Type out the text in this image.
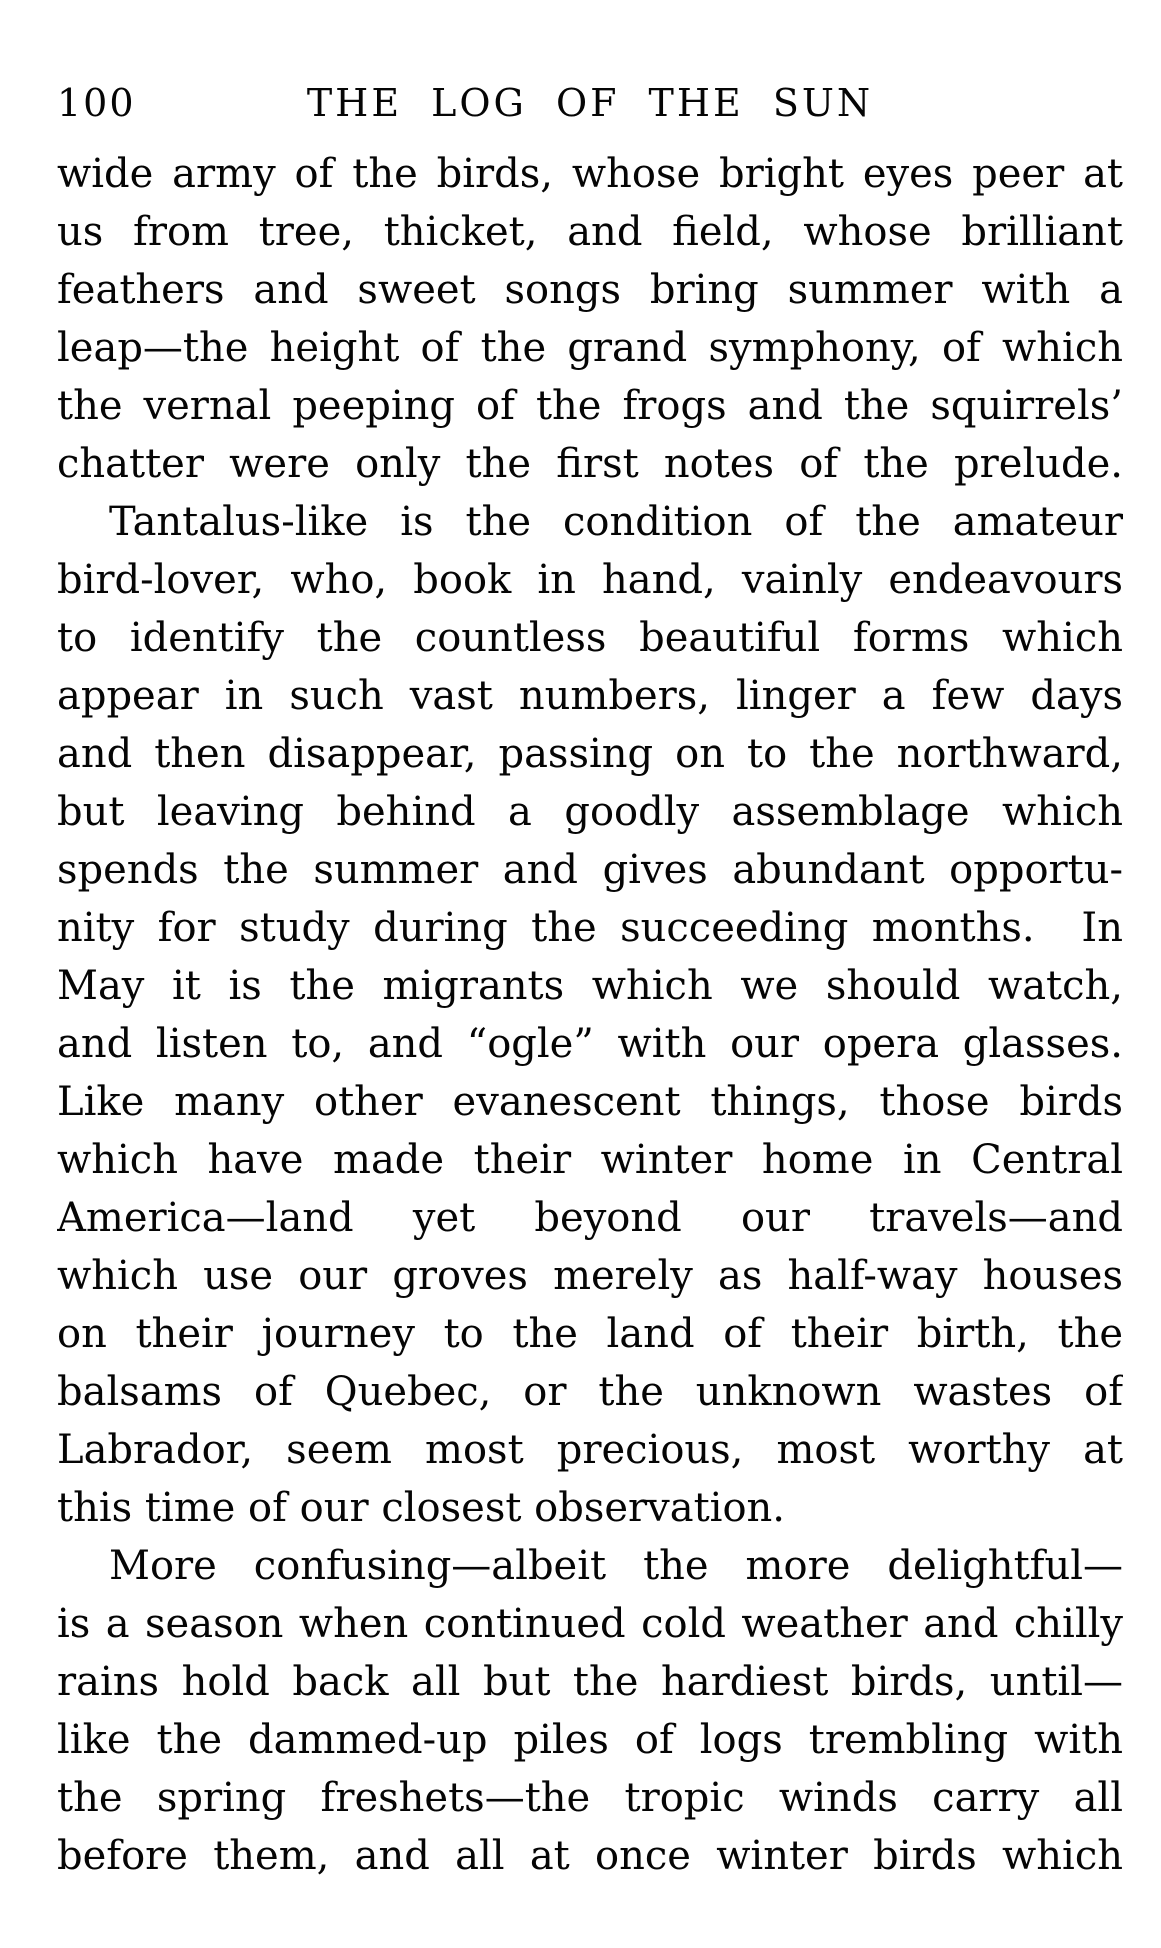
100	THE LOG OF THE SUN
wide army of the birds, whose bright eyes peer at
us from tree, thicket, and field, whose brilliant
feathers and sweet songs bring summer with a
leap—the height of the grand symphony, of which
the vernal peeping of the frogs and the squirrels’
chatter were only the first notes of the prelude.
Tantalus-like is the condition of the amateur
bird-lover, who, book in hand, vainly endeavours
to identify the countless beautiful forms which
appear in such vast numbers, linger a few days
and then disappear, passing on to the northward,
but leaving behind a goodly assemblage which
spends the summer and gives abundant opportu-
nity for study during the succeeding months.  In
May it is the migrants which we should watch,
and listen to, and “ogle” with our opera glasses.
Like many other evanescent things, those birds
which have made their winter home in Central
America—land yet beyond our travels—and
which use our groves merely as half-way houses
on their journey to the land of their birth, the
balsams of Quebec, or the unknown wastes of
Labrador, seem most precious, most worthy at
this time of our closest observation.
More confusing—albeit the more delightful—
is a season when continued cold weather and chilly
rains hold back all but the hardiest birds, until—
like the dammed-up piles of logs trembling with
the spring freshets—the tropic winds carry all
before them, and all at once winter birds which
